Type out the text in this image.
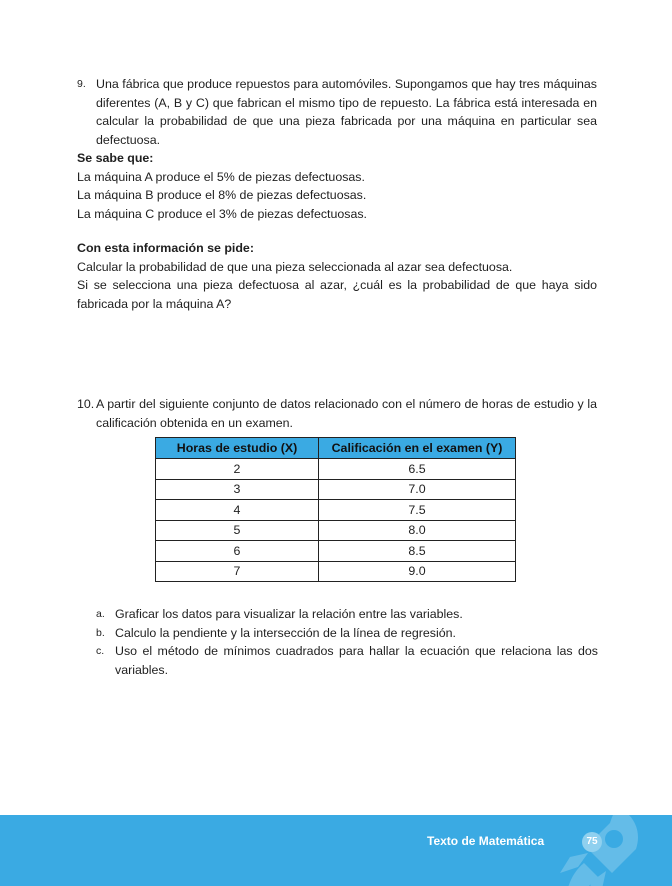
9. Una fábrica que produce repuestos para automóviles. Supongamos que hay tres máquinas diferentes (A, B y C) que fabrican el mismo tipo de repuesto. La fábrica está interesada en calcular la probabilidad de que una pieza fabricada por una máquina en particular sea defectuosa.
Se sabe que:
La máquina A produce el 5% de piezas defectuosas.
La máquina B produce el 8% de piezas defectuosas.
La máquina C produce el 3% de piezas defectuosas.
Con esta información se pide:
Calcular la probabilidad de que una pieza seleccionada al azar sea defectuosa.
Si se selecciona una pieza defectuosa al azar, ¿cuál es la probabilidad de que haya sido fabricada por la máquina A?
10. A partir del siguiente conjunto de datos relacionado con el número de horas de estudio y la calificación obtenida en un examen.
Horas de estudio (X)	Calificación en el examen (Y)
2	6.5
3	7.0
4	7.5
5	8.0
6	8.5
7	9.0
a. Graficar los datos para visualizar la relación entre las variables.
b. Calculo la pendiente y la intersección de la línea de regresión.
c. Uso el método de mínimos cuadrados para hallar la ecuación que relaciona las dos variables.
Texto de Matemática	75
